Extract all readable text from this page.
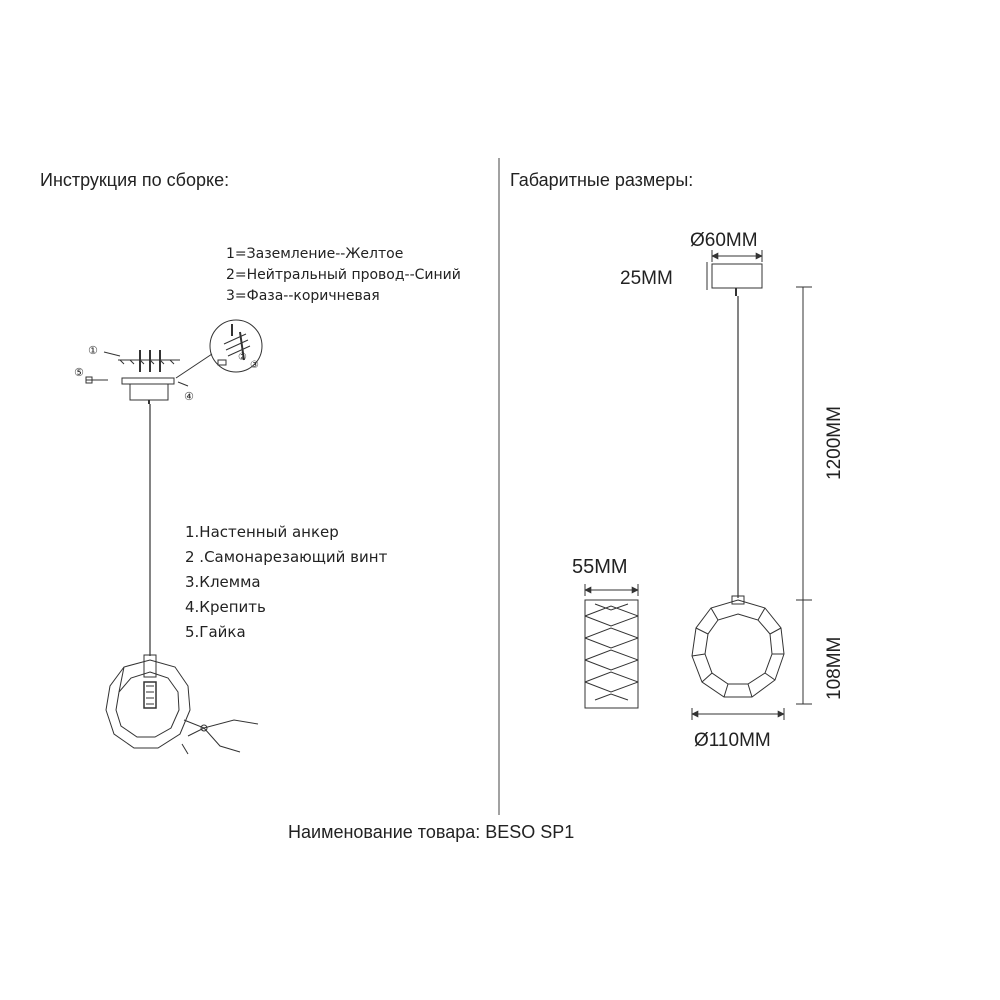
Инструкция по сборке:	Габаритные размеры:
1=Заземление--Желтое
2=Нейтральный провод--Синий
3=Фаза--коричневая
①
⑤
②
③
④
1.Настенный анкер
2 .Самонарезающий винт
3.Клемма
4.Крепить
5.Гайка
Ø60MM
25MM
1200MM
108MM
Ø110MM
55MM
Наименование товара: BESO SP1
